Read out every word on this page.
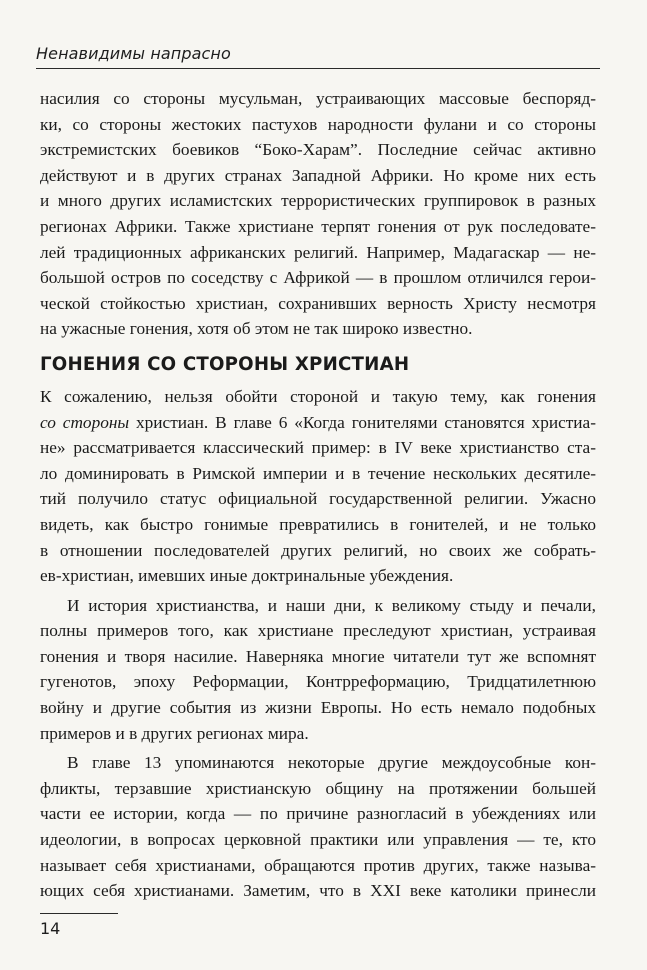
Ненавидимы напрасно
насилия со стороны мусульман, устраивающих массовые беспоряд-
ки, со стороны жестоких пастухов народности фулани и со стороны
экстремистских боевиков “Боко-Харам”. Последние сейчас активно
действуют и в других странах Западной Африки. Но кроме них есть
и много других исламистских террористических группировок в разных
регионах Африки. Также христиане терпят гонения от рук последовате-
лей традиционных африканских религий. Например, Мадагаскар — не-
большой остров по соседству с Африкой — в прошлом отличился герои-
ческой стойкостью христиан, сохранивших верность Христу несмотря
на ужасные гонения, хотя об этом не так широко известно.
ГОНЕНИЯ СО СТОРОНЫ ХРИСТИАН
К сожалению, нельзя обойти стороной и такую тему, как гонения
со стороны христиан. В главе 6 «Когда гонителями становятся христиа-
не» рассматривается классический пример: в IV веке христианство ста-
ло доминировать в Римской империи и в течение нескольких десятиле-
тий получило статус официальной государственной религии. Ужасно
видеть, как быстро гонимые превратились в гонителей, и не только
в отношении последователей других религий, но своих же собрать-
ев-христиан, имевших иные доктринальные убеждения.
И история христианства, и наши дни, к великому стыду и печали,
полны примеров того, как христиане преследуют христиан, устраивая
гонения и творя насилие. Наверняка многие читатели тут же вспомнят
гугенотов, эпоху Реформации, Контрреформацию, Тридцатилетнюю
войну и другие события из жизни Европы. Но есть немало подобных
примеров и в других регионах мира.
В главе 13 упоминаются некоторые другие междоусобные кон-
фликты, терзавшие христианскую общину на протяжении большей
части ее истории, когда — по причине разногласий в убеждениях или
идеологии, в вопросах церковной практики или управления — те, кто
называет себя христианами, обращаются против других, также называ-
ющих себя христианами. Заметим, что в XXI веке католики принесли
14
